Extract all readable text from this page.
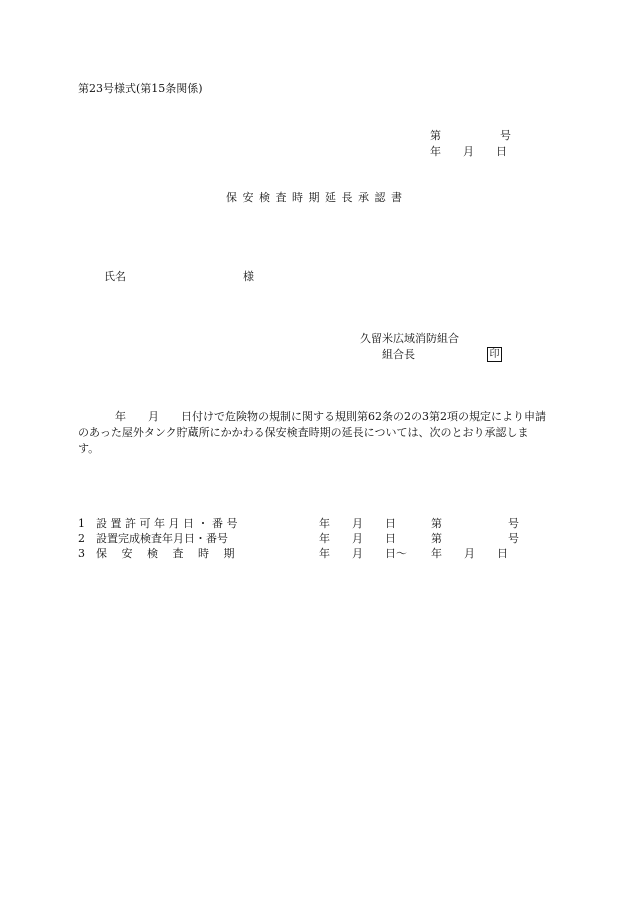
第23号様式(第15条関係)
第	号
年　　月　　日
保 安 検 査 時 期 延 長 承 認 書
氏名	様
久留米広域消防組合
組合長	印
年　　月　　日付けで危険物の規制に関する規則第62条の2の3第2項の規定により申請のあった屋外タンク貯蔵所にかかわる保安検査時期の延長については、次のとおり承認します。
1 設 置 許 可 年 月 日 ・ 番 号	年　　月　　日	第　　　　　　号
2 設置完成検査年月日・番号	年　　月　　日	第　　　　　　号
3 保　 安　 検　 査　 時　 期	年　　月　　日〜 年　　月　　日
